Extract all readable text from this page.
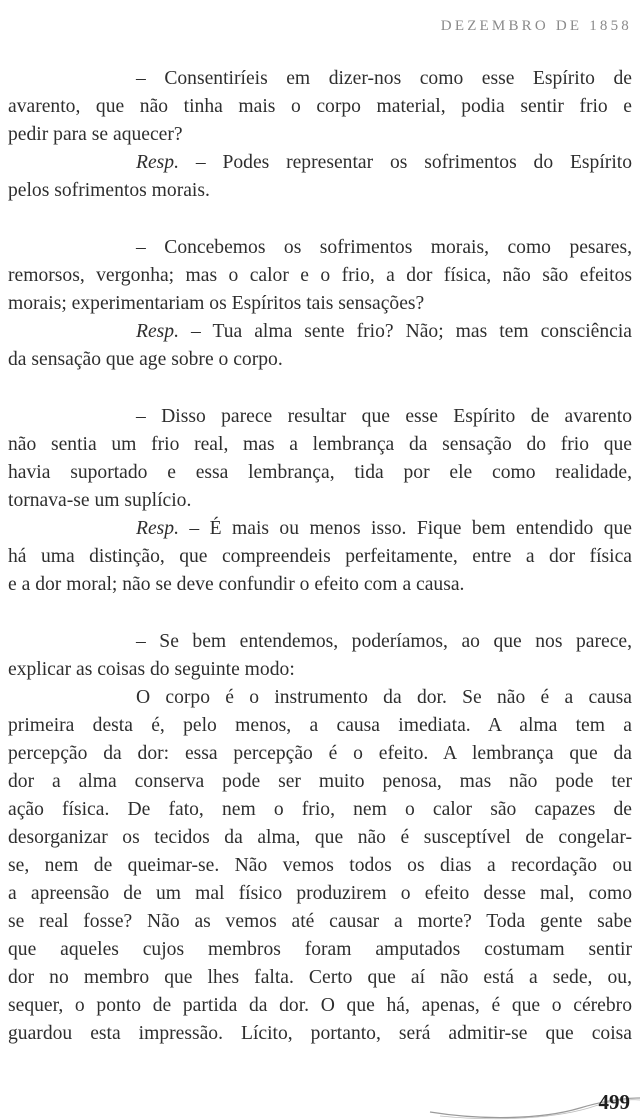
DEZEMBRO DE 1858
– Consentiríeis em dizer-nos como esse Espírito de
avarento, que não tinha mais o corpo material, podia sentir frio e
pedir para se aquecer?
Resp. – Podes representar os sofrimentos do Espírito
pelos sofrimentos morais.
– Concebemos os sofrimentos morais, como pesares,
remorsos, vergonha; mas o calor e o frio, a dor física, não são efeitos
morais; experimentariam os Espíritos tais sensações?
Resp. – Tua alma sente frio? Não; mas tem consciência
da sensação que age sobre o corpo.
– Disso parece resultar que esse Espírito de avarento
não sentia um frio real, mas a lembrança da sensação do frio que
havia suportado e essa lembrança, tida por ele como realidade,
tornava-se um suplício.
Resp. – É mais ou menos isso. Fique bem entendido que
há uma distinção, que compreendeis perfeitamente, entre a dor física
e a dor moral; não se deve confundir o efeito com a causa.
– Se bem entendemos, poderíamos, ao que nos parece,
explicar as coisas do seguinte modo:
O corpo é o instrumento da dor. Se não é a causa
primeira desta é, pelo menos, a causa imediata. A alma tem a
percepção da dor: essa percepção é o efeito. A lembrança que da
dor a alma conserva pode ser muito penosa, mas não pode ter
ação física. De fato, nem o frio, nem o calor são capazes de
desorganizar os tecidos da alma, que não é susceptível de congelar-
se, nem de queimar-se. Não vemos todos os dias a recordação ou
a apreensão de um mal físico produzirem o efeito desse mal, como
se real fosse? Não as vemos até causar a morte? Toda gente sabe
que aqueles cujos membros foram amputados costumam sentir
dor no membro que lhes falta. Certo que aí não está a sede, ou,
sequer, o ponto de partida da dor. O que há, apenas, é que o cérebro
guardou esta impressão. Lícito, portanto, será admitir-se que coisa
499
